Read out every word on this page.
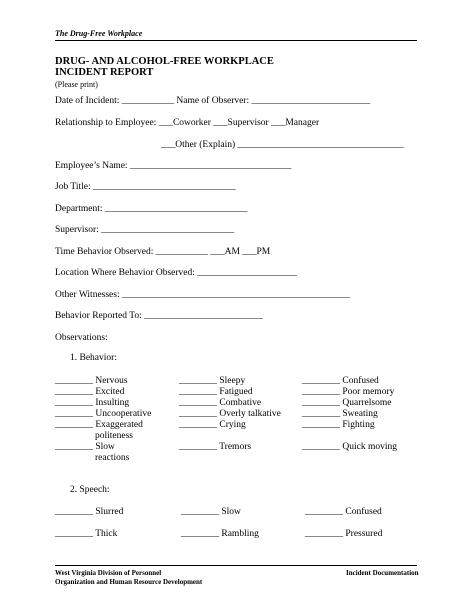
The Drug-Free Workplace
DRUG- AND ALCOHOL-FREE WORKPLACE
INCIDENT REPORT
(Please print)
Date of Incident: ___________ Name of Observer: _________________________
Relationship to Employee: ___Coworker ___Supervisor ___Manager
___Other (Explain) ___________________________________
Employee’s Name: __________________________________
Job Title: ______________________________
Department: ______________________________
Supervisor: ____________________________
Time Behavior Observed: ___________ ___AM ___PM
Location Where Behavior Observed: _____________________
Other Witnesses: ________________________________________________
Behavior Reported To: _________________________
Observations:
1. Behavior:
________ Nervous
________ Excited
________ Insulting
________ Uncooperative
________ Exaggerated
politeness
________ Slow
reactions
________ Sleepy
________ Fatigued
________ Combative
________ Overly talkative
________ Crying
________ Tremors
________ Confused
________ Poor memory
________ Quarrelsome
________ Sweating
________ Fighting
________ Quick moving
2. Speech:
________ Slurred
________ Thick
________ Slow
________ Rambling
________ Confused
________ Pressured
West Virginia Division of Personnel
Organization and Human Resource Development
Incident Documentation
